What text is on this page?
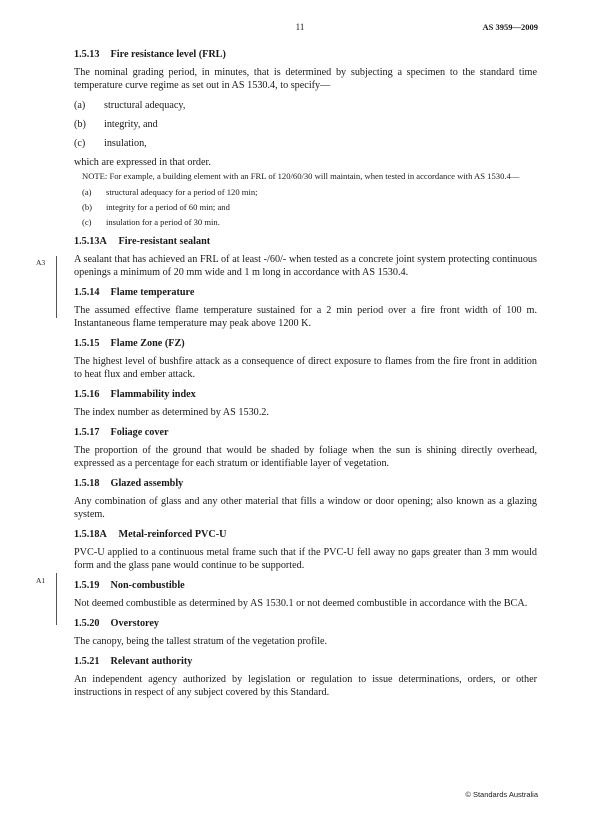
11	AS 3959—2009
A3
A1
1.5.13 Fire resistance level (FRL)
The nominal grading period, in minutes, that is determined by subjecting a specimen to the standard time temperature curve regime as set out in AS 1530.4, to specify—
(a)	structural adequacy,
(b)	integrity, and
(c)	insulation,
which are expressed in that order.
NOTE: For example, a building element with an FRL of 120/60/30 will maintain, when tested in accordance with AS 1530.4—
(a)	structural adequacy for a period of 120 min;
(b)	integrity for a period of 60 min; and
(c)	insulation for a period of 30 min.
1.5.13A Fire-resistant sealant
A sealant that has achieved an FRL of at least -/60/- when tested as a concrete joint system protecting continuous openings a minimum of 20 mm wide and 1 m long in accordance with AS 1530.4.
1.5.14 Flame temperature
The assumed effective flame temperature sustained for a 2 min period over a fire front width of 100 m. Instantaneous flame temperature may peak above 1200 K.
1.5.15 Flame Zone (FZ)
The highest level of bushfire attack as a consequence of direct exposure to flames from the fire front in addition to heat flux and ember attack.
1.5.16 Flammability index
The index number as determined by AS 1530.2.
1.5.17 Foliage cover
The proportion of the ground that would be shaded by foliage when the sun is shining directly overhead, expressed as a percentage for each stratum or identifiable layer of vegetation.
1.5.18 Glazed assembly
Any combination of glass and any other material that fills a window or door opening; also known as a glazing system.
1.5.18A Metal-reinforced PVC-U
PVC-U applied to a continuous metal frame such that if the PVC-U fell away no gaps greater than 3 mm would form and the glass pane would continue to be supported.
1.5.19 Non-combustible
Not deemed combustible as determined by AS 1530.1 or not deemed combustible in accordance with the BCA.
1.5.20 Overstorey
The canopy, being the tallest stratum of the vegetation profile.
1.5.21 Relevant authority
An independent agency authorized by legislation or regulation to issue determinations, orders, or other instructions in respect of any subject covered by this Standard.
© Standards Australia
